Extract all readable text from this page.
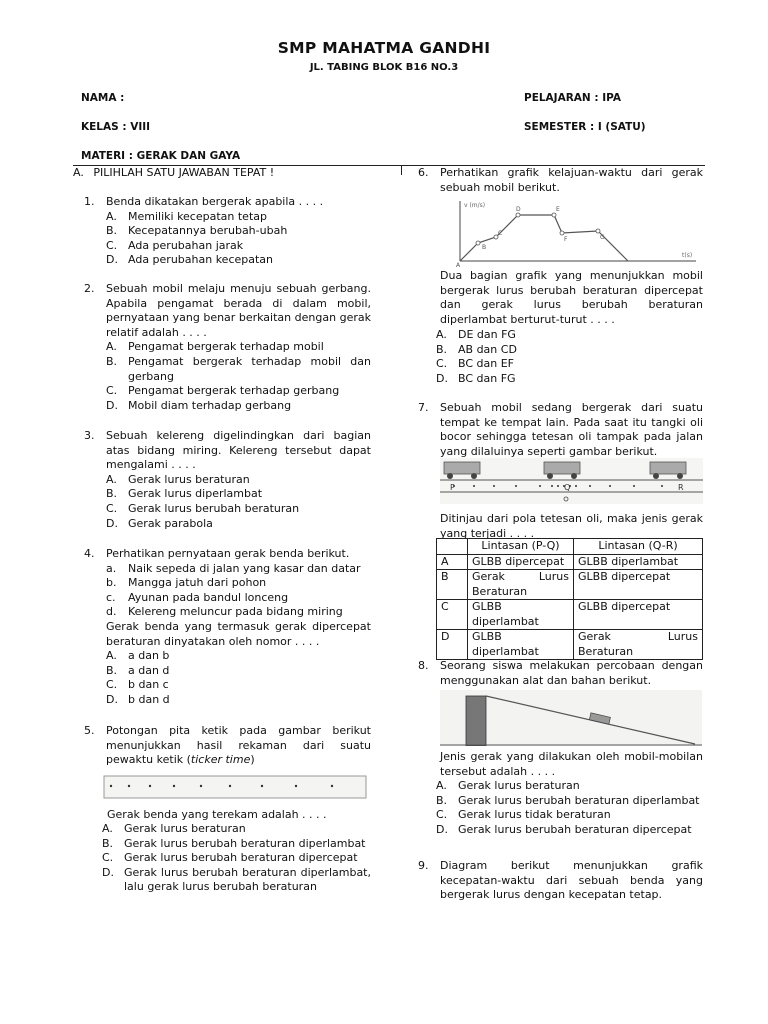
SMP MAHATMA GANDHI
JL. TABING BLOK B16 NO.3
NAMA :	PELAJARAN : IPA
KELAS : VIII	SEMESTER : I (SATU)
MATERI : GERAK DAN GAYA
A. PILIHLAH SATU JAWABAN TEPAT !
1.	Benda dikatakan bergerak apabila . . . .
A.	Memiliki kecepatan tetap
B. Kecepatannya berubah-ubah
C. Ada perubahan jarak
D. Ada perubahan kecepatan
2.	Sebuah mobil melaju menuju sebuah gerbang. Apabila pengamat berada di dalam mobil, pernyataan yang benar berkaitan dengan gerak relatif adalah . . . .
A.	Pengamat bergerak terhadap mobil
B. Pengamat bergerak terhadap mobil dan gerbang
C. Pengamat bergerak terhadap gerbang
D. Mobil diam terhadap gerbang
3.	Sebuah kelereng digelindingkan dari bagian atas bidang miring. Kelereng tersebut dapat mengalami . . . .
A.	Gerak lurus beraturan
B. Gerak lurus diperlambat
C. Gerak lurus berubah beraturan
D. Gerak parabola
4.	Perhatikan pernyataan gerak benda berikut.
a.	Naik sepeda di jalan yang kasar dan datar
b.	Mangga jatuh dari pohon
c.	Ayunan pada bandul lonceng
d.	Kelereng meluncur pada bidang miring
Gerak benda yang termasuk gerak dipercepat beraturan dinyatakan oleh nomor . . . .
A.	a dan b
B. a dan d
C. b dan c
D. b dan d
5.	Potongan pita ketik pada gambar berikut menunjukkan hasil rekaman dari suatu pewaktu ketik (ticker time)
Gerak benda yang terekam adalah . . . .
A.	Gerak lurus beraturan
B. Gerak lurus berubah beraturan diperlambat
C. Gerak lurus berubah beraturan dipercepat
D. Gerak lurus berubah beraturan diperlambat, lalu gerak lurus berubah beraturan
6.	Perhatikan grafik kelajuan-waktu dari gerak sebuah mobil berikut.
v (m/s)
t(s)
A
B
C
D	E
F	G
Dua bagian grafik yang menunjukkan mobil bergerak lurus berubah beraturan dipercepat dan gerak lurus berubah beraturan diperlambat berturut-turut . . . .
A.	DE dan FG
B. AB dan CD
C. BC dan EF
D. BC dan FG
7.	Sebuah mobil sedang bergerak dari suatu tempat ke tempat lain. Pada saat itu tangki oli bocor sehingga tetesan oli tampak pada jalan yang dilaluinya seperti gambar berikut.
P	Q	R
Ditinjau dari pola tetesan oli, maka jenis gerak yang terjadi . . . .
	Lintasan (P-Q)	Lintasan (Q-R)
A	GLBB dipercepat	GLBB diperlambat
B	Gerak Lurus Beraturan	GLBB dipercepat
C	GLBB diperlambat	GLBB dipercepat
D	GLBB diperlambat	Gerak Lurus Beraturan
8.	Seorang siswa melakukan percobaan dengan menggunakan alat dan bahan berikut.
Jenis gerak yang dilakukan oleh mobil-mobilan tersebut adalah . . . .
A.	Gerak lurus beraturan
B. Gerak lurus berubah beraturan diperlambat
C. Gerak lurus tidak beraturan
D. Gerak lurus berubah beraturan dipercepat
9.	Diagram berikut menunjukkan grafik kecepatan-waktu dari sebuah benda yang bergerak lurus dengan kecepatan tetap.
